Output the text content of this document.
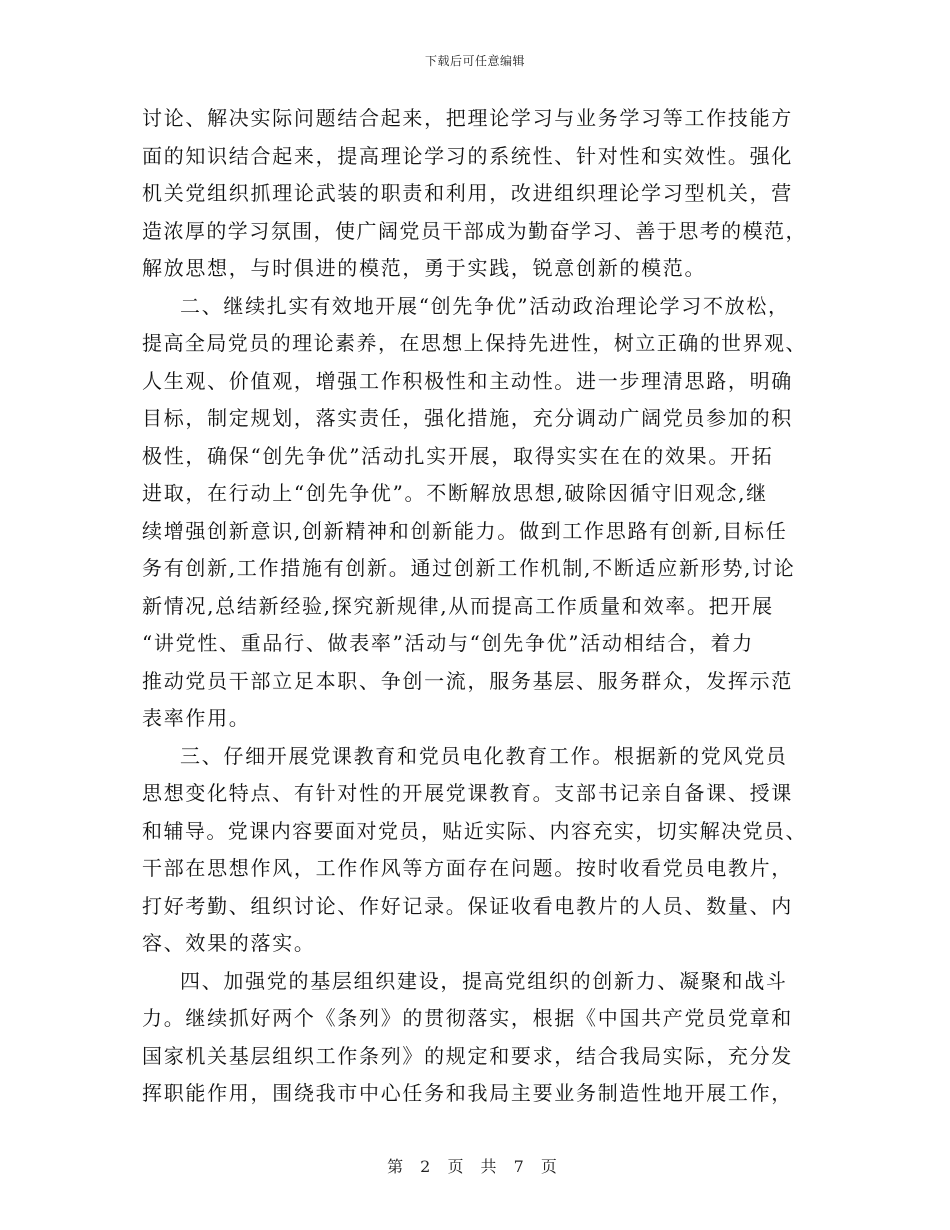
下载后可任意编辑
讨论、解决实际问题结合起来，把理论学习与业务学习等工作技能方
面的知识结合起来，提高理论学习的系统性、针对性和实效性。强化
机关党组织抓理论武装的职责和利用，改进组织理论学习型机关，营
造浓厚的学习氛围，使广阔党员干部成为勤奋学习、善于思考的模范，
解放思想，与时俱进的模范，勇于实践，锐意创新的模范。
二、继续扎实有效地开展“创先争优”活动政治理论学习不放松，
提高全局党员的理论素养，在思想上保持先进性，树立正确的世界观、
人生观、价值观，增强工作积极性和主动性。进一步理清思路，明确
目标，制定规划，落实责任，强化措施，充分调动广阔党员参加的积
极性，确保“创先争优”活动扎实开展，取得实实在在的效果。开拓
进取，在行动上“创先争优”。不断解放思想,破除因循守旧观念,继
续增强创新意识,创新精神和创新能力。做到工作思路有创新,目标任
务有创新,工作措施有创新。通过创新工作机制,不断适应新形势,讨论
新情况,总结新经验,探究新规律,从而提高工作质量和效率。把开展
“讲党性、重品行、做表率”活动与“创先争优”活动相结合，着力
推动党员干部立足本职、争创一流，服务基层、服务群众，发挥示范
表率作用。
三、仔细开展党课教育和党员电化教育工作。根据新的党风党员
思想变化特点、有针对性的开展党课教育。支部书记亲自备课、授课
和辅导。党课内容要面对党员，贴近实际、内容充实，切实解决党员、
干部在思想作风，工作作风等方面存在问题。按时收看党员电教片，
打好考勤、组织讨论、作好记录。保证收看电教片的人员、数量、内
容、效果的落实。
四、加强党的基层组织建设，提高党组织的创新力、凝聚和战斗
力。继续抓好两个《条列》的贯彻落实，根据《中国共产党员党章和
国家机关基层组织工作条列》的规定和要求，结合我局实际，充分发
挥职能作用，围绕我市中心任务和我局主要业务制造性地开展工作，
第 2 页 共 7 页
